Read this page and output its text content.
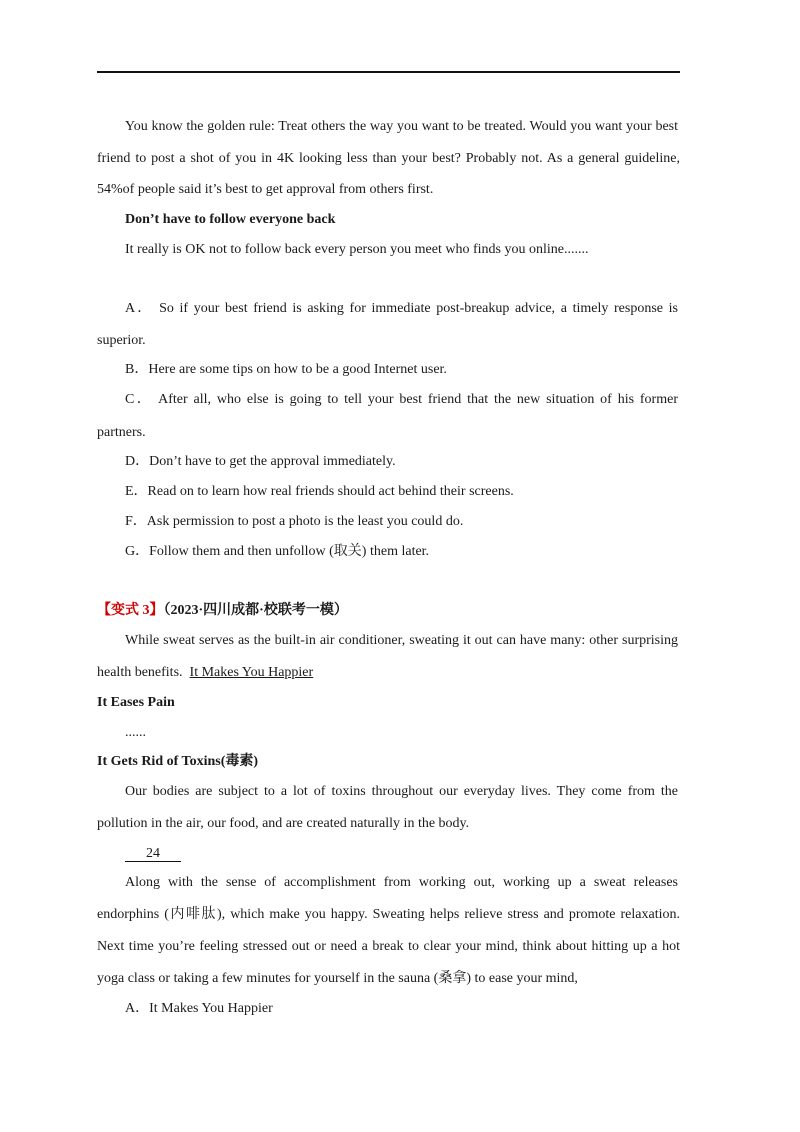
You know the golden rule: Treat others the way you want to be treated. Would you want your best
friend to post a shot of you in 4K looking less than your best? Probably not. As a general guideline,
54%of people said it’s best to get approval from others first.
Don’t have to follow everyone back
It really is OK not to follow back every person you meet who finds you online.......
A． So if your best friend is asking for immediate post-breakup advice, a timely response is
superior.
B．Here are some tips on how to be a good Internet user.
C． After all, who else is going to tell your best friend that the new situation of his former
partners.
D．Don’t have to get the approval immediately.
E．Read on to learn how real friends should act behind their screens.
F．Ask permission to post a photo is the least you could do.
G．Follow them and then unfollow (取关) them later.
【变式 3】（2023·四川成都·校联考一模）
While sweat serves as the built-in air conditioner, sweating it out can have many: other surprising
health benefits. It Makes You Happier
It Eases Pain
......
It Gets Rid of Toxins(毒素)
Our bodies are subject to a lot of toxins throughout our everyday lives. They come from the
pollution in the air, our food, and are created naturally in the body.
24
Along with the sense of accomplishment from working out, working up a sweat releases
endorphins (内啡肽), which make you happy. Sweating helps relieve stress and promote relaxation.
Next time you’re feeling stressed out or need a break to clear your mind, think about hitting up a hot
yoga class or taking a few minutes for yourself in the sauna (桑拿) to ease your mind,
A．It Makes You Happier
